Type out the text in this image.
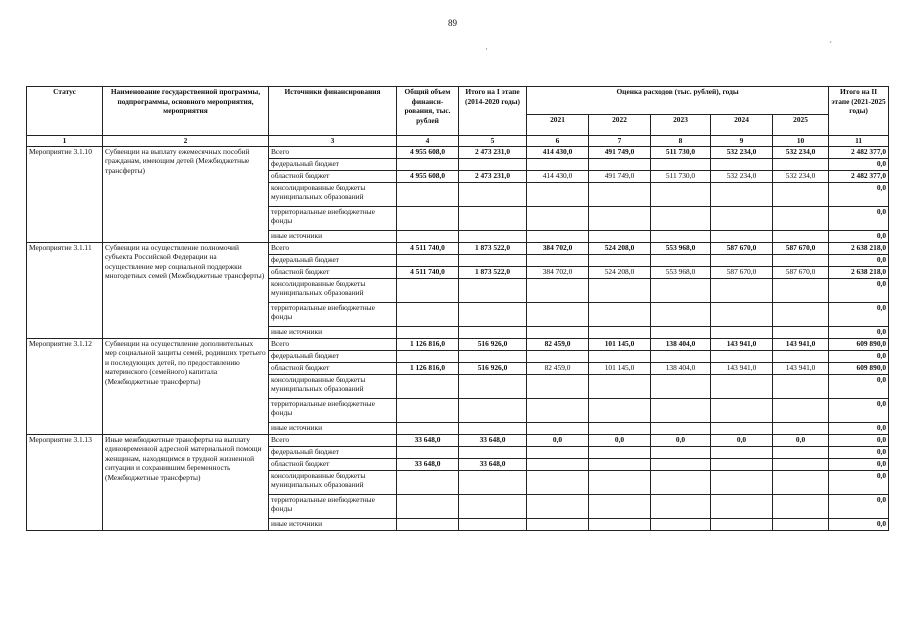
89
Статус	Наименование государственной программы, подпрограммы, основного мероприятия, мероприятия	Источники финансирования	Общий объем финанси-рования, тыс. рублей	Итого на I этапе (2014-2020 годы)	Оценка расходов (тыс. рублей), годы					Итого на II этапе (2021-2025 годы)
					2021	2022	2023	2024	2025	
1	2	3	4	5	6	7	8	9	10	11
Мероприятие 3.1.10	Субвенции на выплату ежемесячных пособий гражданам, имеющим детей (Межбюджетные трансферты)	Всего	4 955 608,0	2 473 231,0	414 430,0	491 749,0	511 730,0	532 234,0	532 234,0	2 482 377,0
		федеральный бюджет								0,0
		областной бюджет	4 955 608,0	2 473 231,0	414 430,0	491 749,0	511 730,0	532 234,0	532 234,0	2 482 377,0
		консолидированные бюджеты муниципальных образований								0,0
		территориальные внебюджетные фонды								0,0
		иные источники								0,0
Мероприятие 3.1.11	Субвенции на осуществление полномочий субъекта Российской Федерации на осуществление мер социальной поддержки многодетных семей (Межбюджетные трансферты)	Всего	4 511 740,0	1 873 522,0	384 702,0	524 208,0	553 968,0	587 670,0	587 670,0	2 638 218,0
		федеральный бюджет								0,0
		областной бюджет	4 511 740,0	1 873 522,0	384 702,0	524 208,0	553 968,0	587 670,0	587 670,0	2 638 218,0
		консолидированные бюджеты муниципальных образований								0,0
		территориальные внебюджетные фонды								0,0
		иные источники								0,0
Мероприятие 3.1.12	Субвенции на осуществление дополнительных мер социальной защиты семей, родивших третьего и последующих детей, по предоставлению материнского (семейного) капитала (Межбюджетные трансферты)	Всего	1 126 816,0	516 926,0	82 459,0	101 145,0	138 404,0	143 941,0	143 941,0	609 890,0
		федеральный бюджет								0,0
		областной бюджет	1 126 816,0	516 926,0	82 459,0	101 145,0	138 404,0	143 941,0	143 941,0	609 890,0
		консолидированные бюджеты муниципальных образований								0,0
		территориальные внебюджетные фонды								0,0
		иные источники								0,0
Мероприятие 3.1.13	Иные межбюджетные трансферты на выплату единовременной адресной материальной помощи женщинам, находящимся в трудной жизненной ситуации и сохранившим беременность (Межбюджетные трансферты)	Всего	33 648,0	33 648,0	0,0	0,0	0,0	0,0	0,0	0,0
		федеральный бюджет								0,0
		областной бюджет	33 648,0	33 648,0						0,0
		консолидированные бюджеты муниципальных образований								0,0
		территориальные внебюджетные фонды								0,0
		иные источники								0,0
·	´
